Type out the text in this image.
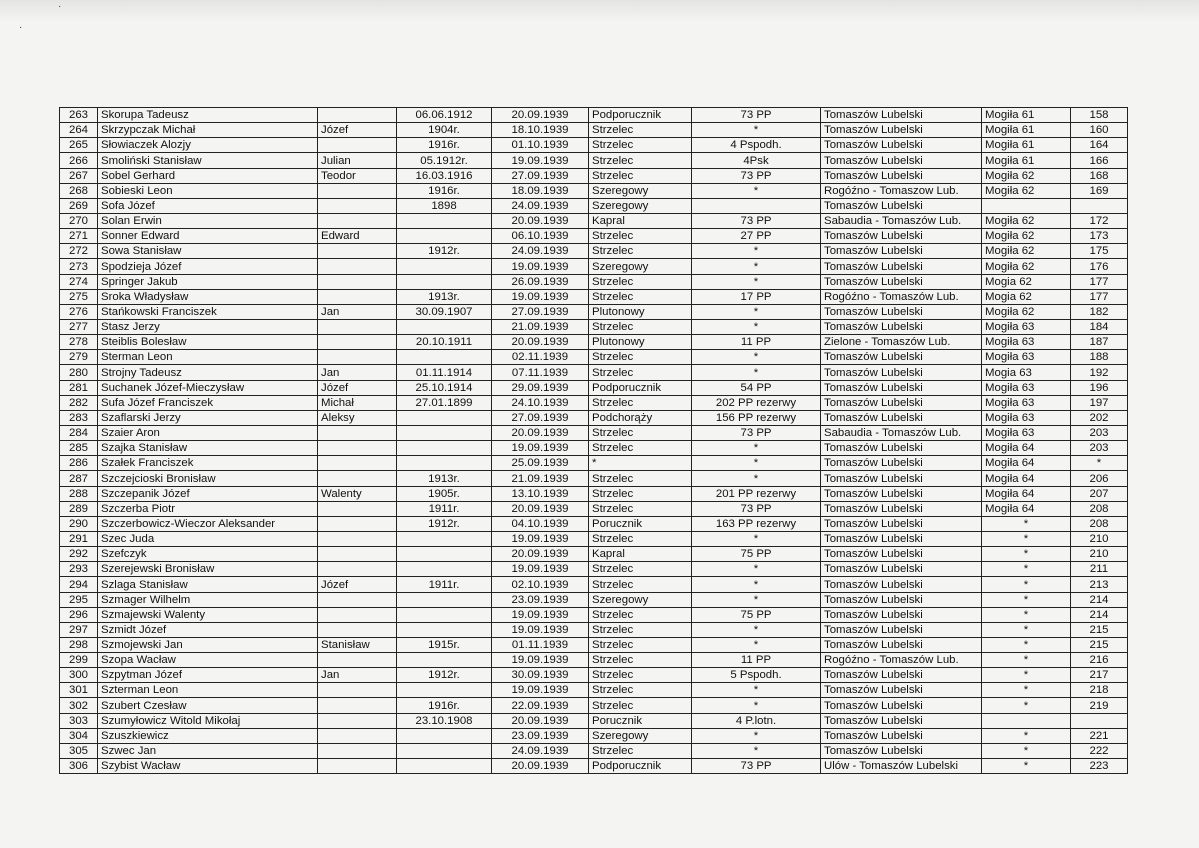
·
·
263	Skorupa Tadeusz		06.06.1912	20.09.1939	Podporucznik	73 PP	Tomaszów Lubelski	Mogiła 61	158
264	Skrzypczak Michał	Józef	1904r.	18.10.1939	Strzelec	*	Tomaszów Lubelski	Mogiła 61	160
265	Słowiaczek Alozjy		1916r.	01.10.1939	Strzelec	4 Pspodh.	Tomaszów Lubelski	Mogiła 61	164
266	Smoliński Stanisław	Julian	05.1912r.	19.09.1939	Strzelec	4Psk	Tomaszów Lubelski	Mogiła 61	166
267	Sobel Gerhard	Teodor	16.03.1916	27.09.1939	Strzelec	73 PP	Tomaszów Lubelski	Mogiła 62	168
268	Sobieski Leon		1916r.	18.09.1939	Szeregowy	*	Rogóźno - Tomaszow Lub.	Mogiła 62	169
269	Sofa Józef		1898	24.09.1939	Szeregowy		Tomaszów Lubelski		
270	Solan Erwin			20.09.1939	Kapral	73 PP	Sabaudia - Tomaszów Lub.	Mogiła 62	172
271	Sonner Edward	Edward		06.10.1939	Strzelec	27 PP	Tomaszów Lubelski	Mogiła 62	173
272	Sowa Stanisław		1912r.	24.09.1939	Strzelec	*	Tomaszów Lubelski	Mogiła 62	175
273	Spodzieja Józef			19.09.1939	Szeregowy	*	Tomaszów Lubelski	Mogiła 62	176
274	Springer Jakub			26.09.1939	Strzelec	*	Tomaszów Lubelski	Mogia 62	177
275	Sroka Władysław		1913r.	19.09.1939	Strzelec	17 PP	Rogóźno - Tomaszów Lub.	Mogia 62	177
276	Stańkowski Franciszek	Jan	30.09.1907	27.09.1939	Plutonowy	*	Tomaszów Lubelski	Mogiła 62	182
277	Stasz Jerzy			21.09.1939	Strzelec	*	Tomaszów Lubelski	Mogiła 63	184
278	Steiblis Bolesław		20.10.1911	20.09.1939	Plutonowy	11 PP	Zielone - Tomaszów Lub.	Mogiła 63	187
279	Sterman Leon			02.11.1939	Strzelec	*	Tomaszów Lubelski	Mogiła 63	188
280	Strojny Tadeusz	Jan	01.11.1914	07.11.1939	Strzelec	*	Tomaszów Lubelski	Mogia 63	192
281	Suchanek Józef-Mieczysław	Józef	25.10.1914	29.09.1939	Podporucznik	54 PP	Tomaszów Lubelski	Mogiła 63	196
282	Sufa Józef Franciszek	Michał	27.01.1899	24.10.1939	Strzelec	202 PP rezerwy	Tomaszów Lubelski	Mogiła 63	197
283	Szaflarski Jerzy	Aleksy		27.09.1939	Podchorąży	156 PP rezerwy	Tomaszów Lubelski	Mogiła 63	202
284	Szaier Aron			20.09.1939	Strzelec	73 PP	Sabaudia - Tomaszów Lub.	Mogiła 63	203
285	Szajka Stanisław			19.09.1939	Strzelec	*	Tomaszów Lubelski	Mogiła 64	203
286	Szałek Franciszek			25.09.1939	*	*	Tomaszów Lubelski	Mogiła 64	*
287	Szczejcioski Bronisław		1913r.	21.09.1939	Strzelec	*	Tomaszów Lubelski	Mogiła 64	206
288	Szczepanik Józef	Walenty	1905r.	13.10.1939	Strzelec	201 PP rezerwy	Tomaszów Lubelski	Mogiła 64	207
289	Szczerba Piotr		1911r.	20.09.1939	Strzelec	73 PP	Tomaszów Lubelski	Mogiła 64	208
290	Szczerbowicz-Wieczor Aleksander		1912r.	04.10.1939	Porucznik	163 PP rezerwy	Tomaszów Lubelski	*	208
291	Szec Juda			19.09.1939	Strzelec	*	Tomaszów Lubelski	*	210
292	Szefczyk			20.09.1939	Kapral	75 PP	Tomaszów Lubelski	*	210
293	Szerejewski Bronisław			19.09.1939	Strzelec	*	Tomaszów Lubelski	*	211
294	Szlaga Stanisław	Józef	1911r.	02.10.1939	Strzelec	*	Tomaszów Lubelski	*	213
295	Szmager Wilhelm			23.09.1939	Szeregowy	*	Tomaszów Lubelski	*	214
296	Szmajewski Walenty			19.09.1939	Strzelec	75 PP	Tomaszów Lubelski	*	214
297	Szmidt Józef			19.09.1939	Strzelec	*	Tomaszów Lubelski	*	215
298	Szmojewski Jan	Stanisław	1915r.	01.11.1939	Strzelec	*	Tomaszów Lubelski	*	215
299	Szopa Wacław			19.09.1939	Strzelec	11 PP	Rogóźno - Tomaszów Lub.	*	216
300	Szpytman Józef	Jan	1912r.	30.09.1939	Strzelec	5 Pspodh.	Tomaszów Lubelski	*	217
301	Szterman Leon			19.09.1939	Strzelec	*	Tomaszów Lubelski	*	218
302	Szubert Czesław		1916r.	22.09.1939	Strzelec	*	Tomaszów Lubelski	*	219
303	Szumyłowicz Witold Mikołaj		23.10.1908	20.09.1939	Porucznik	4 P.lotn.	Tomaszów Lubelski		
304	Szuszkiewicz			23.09.1939	Szeregowy	*	Tomaszów Lubelski	*	221
305	Szwec Jan			24.09.1939	Strzelec	*	Tomaszów Lubelski	*	222
306	Szybist Wacław			20.09.1939	Podporucznik	73 PP	Ulów - Tomaszów Lubelski	*	223
